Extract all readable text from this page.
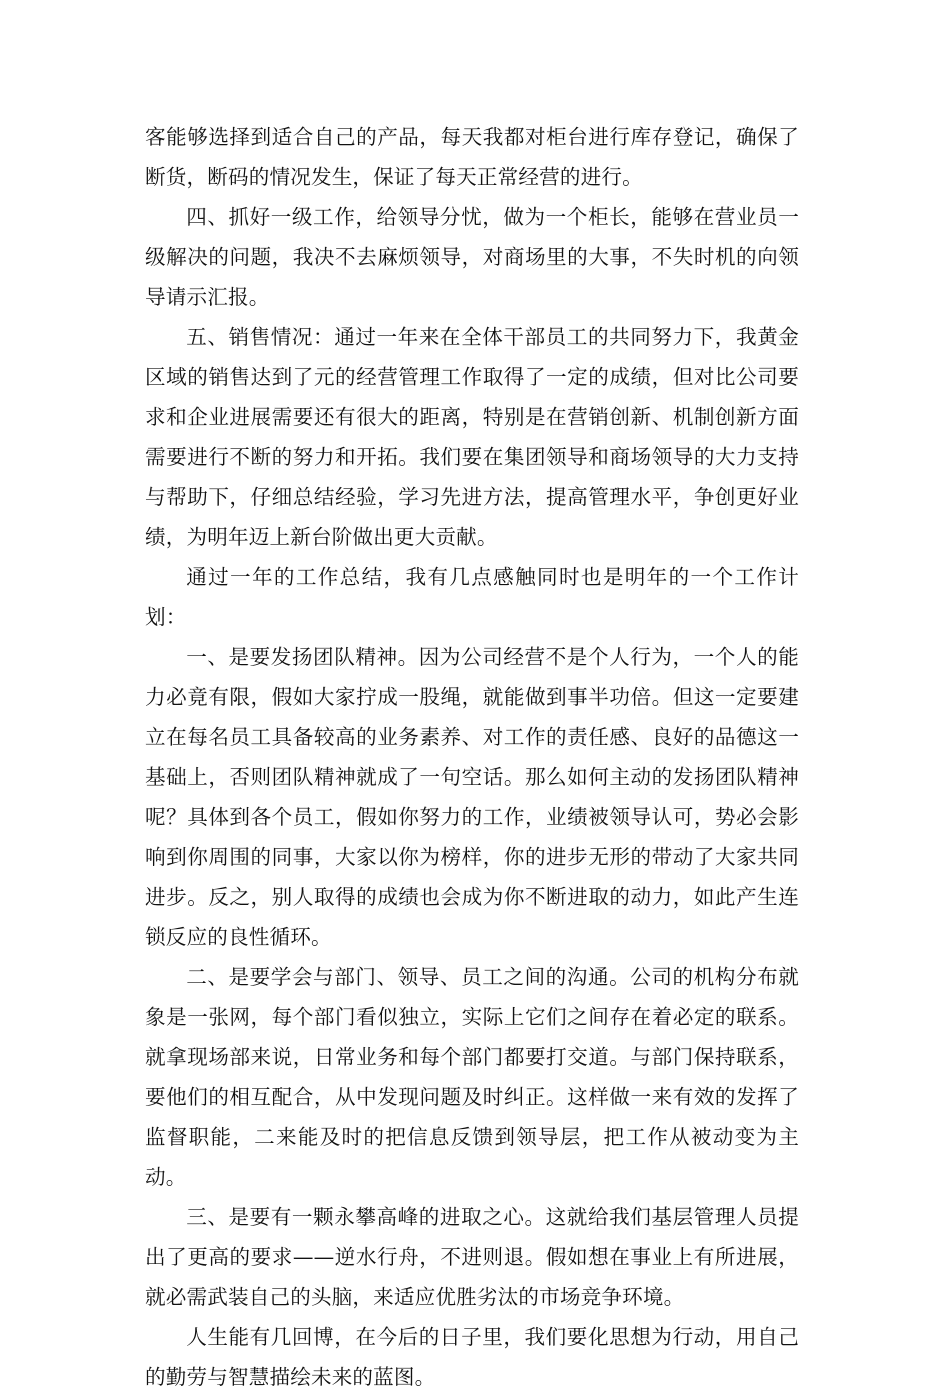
客能够选择到适合自己的产品，每天我都对柜台进行库存登记，确保了断货，断码的情况发生，保证了每天正常经营的进行。

四、抓好一级工作，给领导分忧，做为一个柜长，能够在营业员一级解决的问题，我决不去麻烦领导，对商场里的大事，不失时机的向领导请示汇报。

五、销售情况：通过一年来在全体干部员工的共同努力下，我黄金区域的销售达到了元的经营管理工作取得了一定的成绩，但对比公司要求和企业进展需要还有很大的距离，特别是在营销创新、机制创新方面需要进行不断的努力和开拓。我们要在集团领导和商场领导的大力支持与帮助下，仔细总结经验，学习先进方法，提高管理水平，争创更好业绩，为明年迈上新台阶做出更大贡献。

通过一年的工作总结，我有几点感触同时也是明年的一个工作计划：

一、是要发扬团队精神。因为公司经营不是个人行为，一个人的能力必竟有限，假如大家拧成一股绳，就能做到事半功倍。但这一定要建立在每名员工具备较高的业务素养、对工作的责任感、良好的品德这一基础上，否则团队精神就成了一句空话。那么如何主动的发扬团队精神呢？具体到各个员工，假如你努力的工作，业绩被领导认可，势必会影响到你周围的同事，大家以你为榜样，你的进步无形的带动了大家共同进步。反之，别人取得的成绩也会成为你不断进取的动力，如此产生连锁反应的良性循环。

二、是要学会与部门、领导、员工之间的沟通。公司的机构分布就象是一张网，每个部门看似独立，实际上它们之间存在着必定的联系。就拿现场部来说，日常业务和每个部门都要打交道。与部门保持联系，要他们的相互配合，从中发现问题及时纠正。这样做一来有效的发挥了监督职能，二来能及时的把信息反馈到领导层，把工作从被动变为主动。

三、是要有一颗永攀高峰的进取之心。这就给我们基层管理人员提出了更高的要求——逆水行舟，不进则退。假如想在事业上有所进展，就必需武装自己的头脑，来适应优胜劣汰的市场竞争环境。

人生能有几回博，在今后的日子里，我们要化思想为行动，用自己的勤劳与智慧描绘未来的蓝图。
